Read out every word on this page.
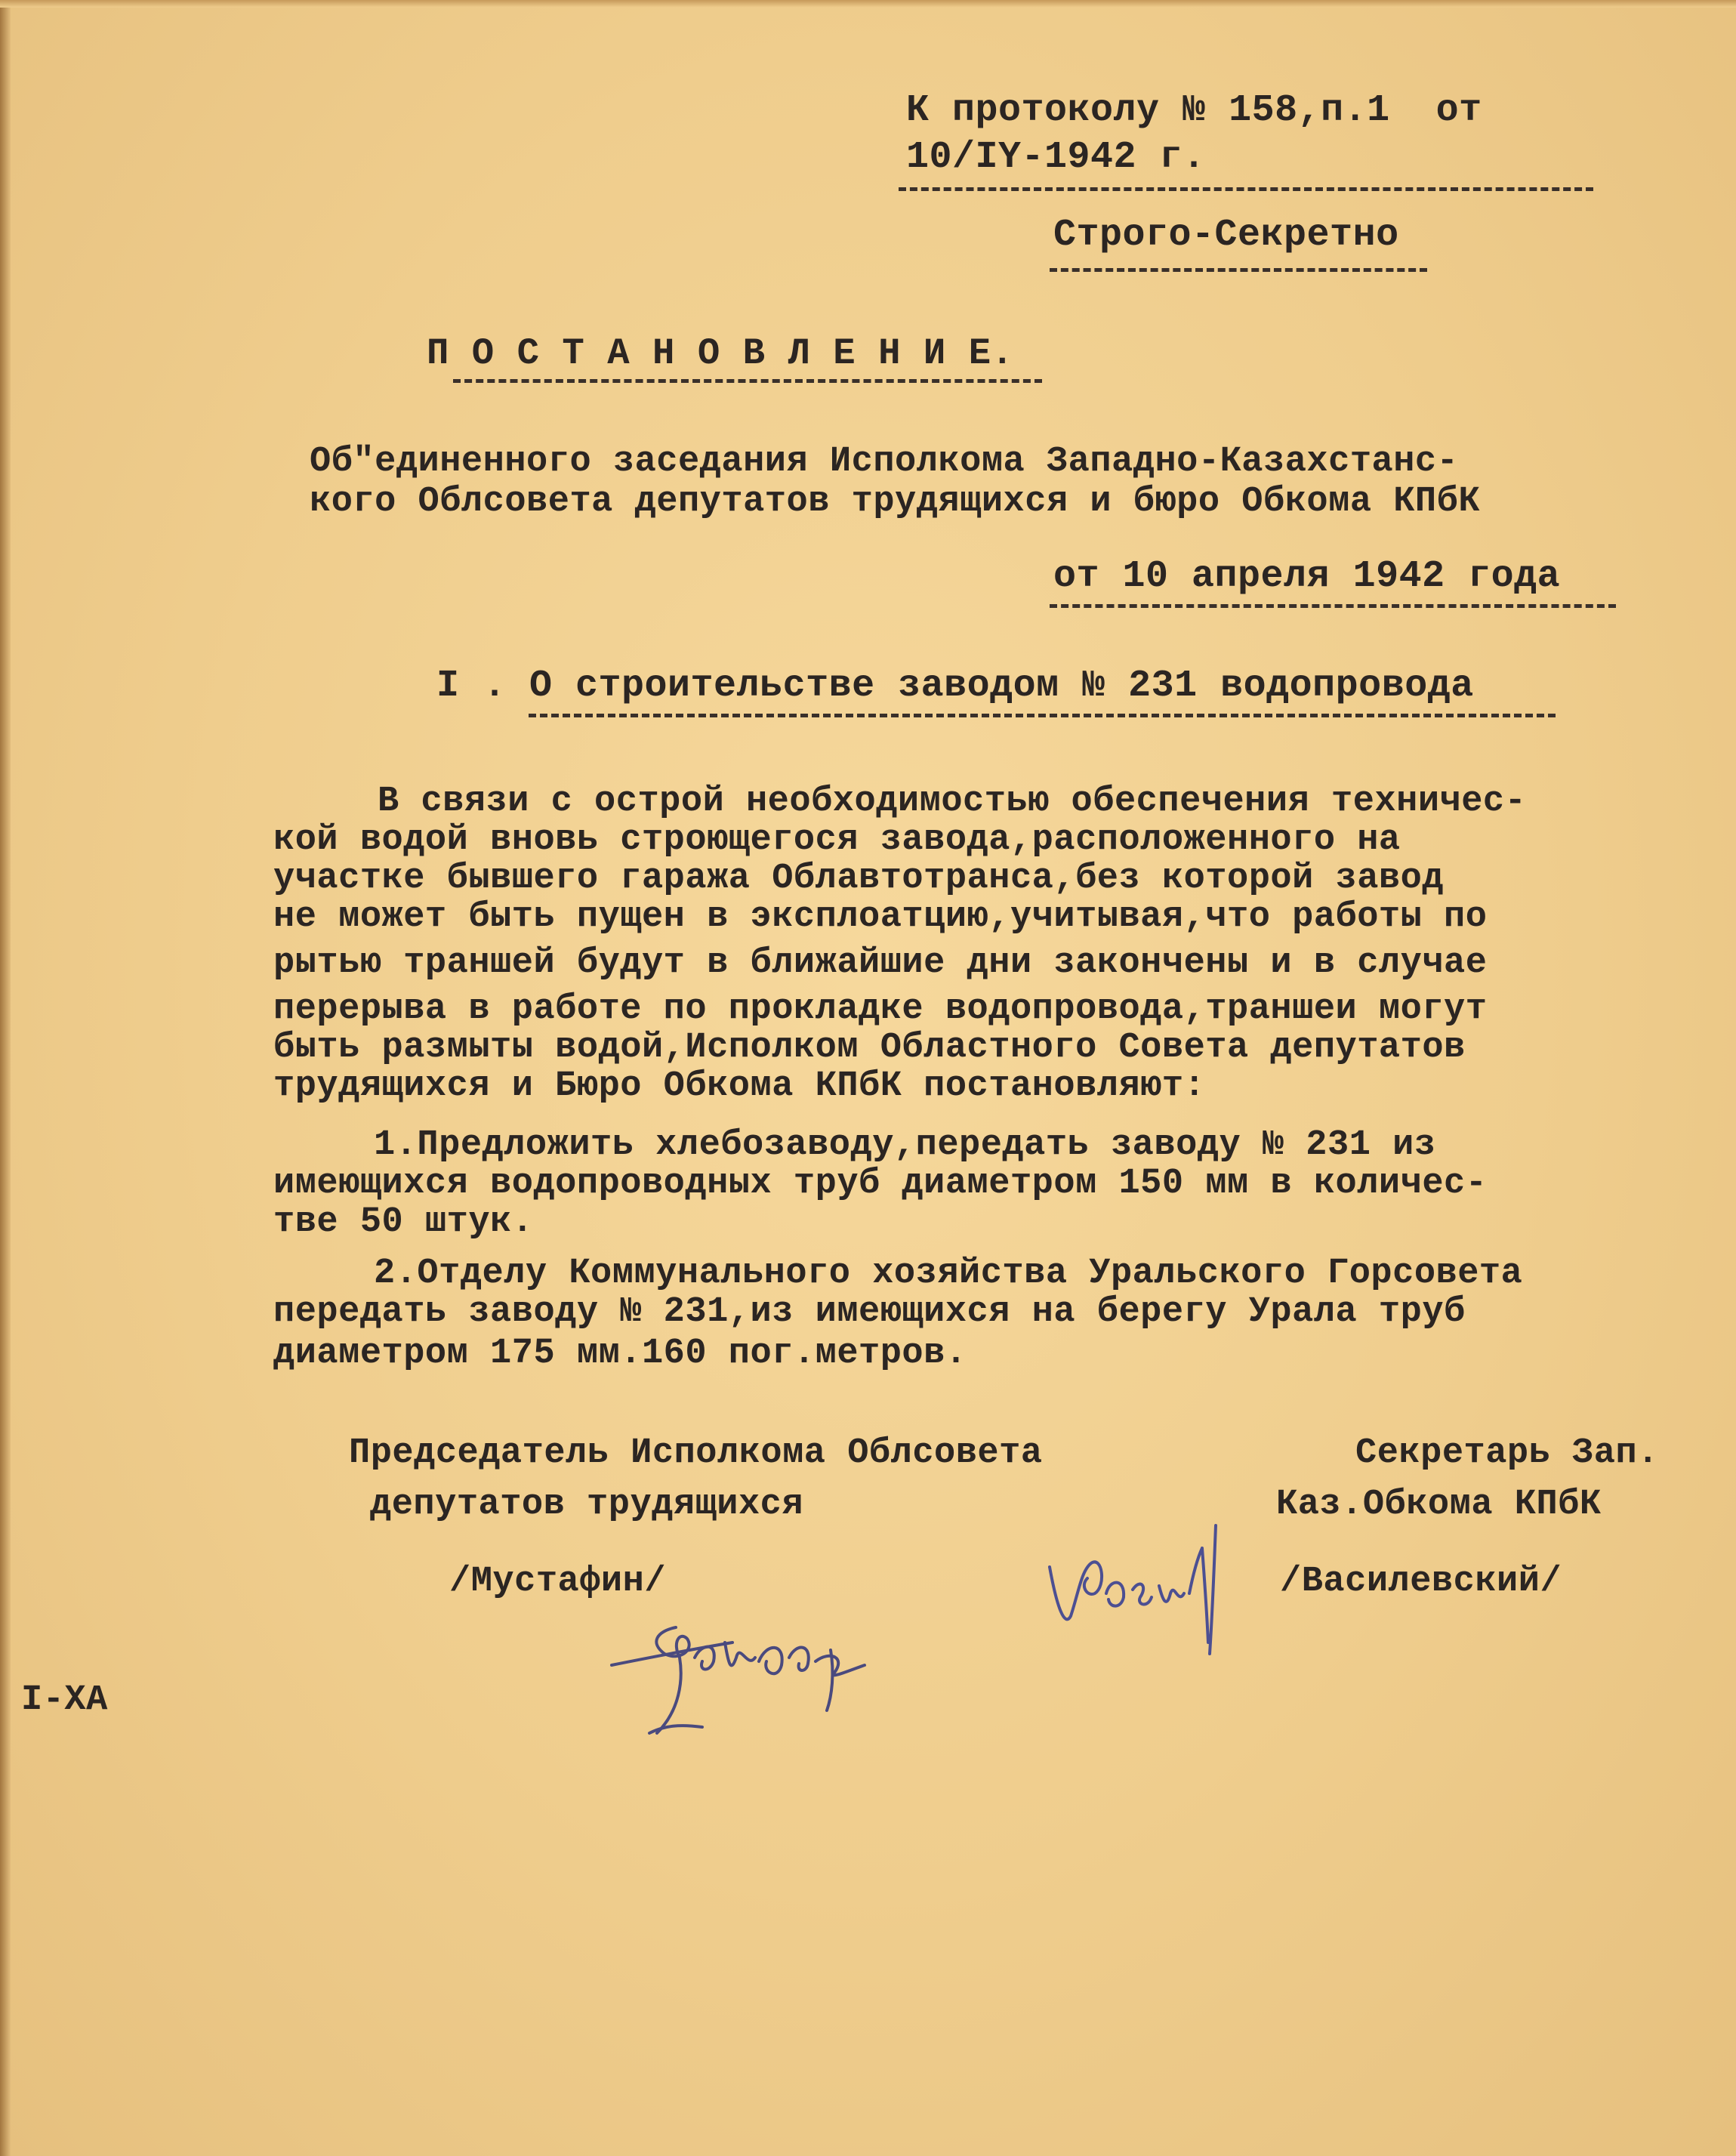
К протоколу № 158,п.1  от
10/IY-1942 г.
Строго-Секретно
П О С Т А Н О В Л Е Н И Е.
Об"единенного заседания Исполкома Западно-Казахстанс-
кого Облсовета депутатов трудящихся и бюро Обкома КПбК
от 10 апреля 1942 года
I . О строительстве заводом № 231 водопровода
В связи с острой необходимостью обеспечения техничес-
кой водой вновь строющегося завода,расположенного на
участке бывшего гаража Облавтотранса,без которой завод
не может быть пущен в эксплоатцию,учитывая,что работы по
рытью траншей будут в ближайшие дни закончены и в случае
перерыва в работе по прокладке водопровода,траншеи могут
быть размыты водой,Исполком Областного Совета депутатов
трудящихся и Бюро Обкома КПбК постановляют:
1.Предложить хлебозаводу,передать заводу № 231 из
имеющихся водопроводных труб диаметром 150 мм в количес-
тве 50 штук.
2.Отделу Коммунального хозяйства Уральского Горсовета
передать заводу № 231,из имеющихся на берегу Урала труб
диаметром 175 мм.160 пог.метров.
Председатель Исполкома Облсовета
депутатов трудящихся
/Мустафин/
Секретарь Зап.
Каз.Обкома КПбК
/Василевский/
I-ХА
